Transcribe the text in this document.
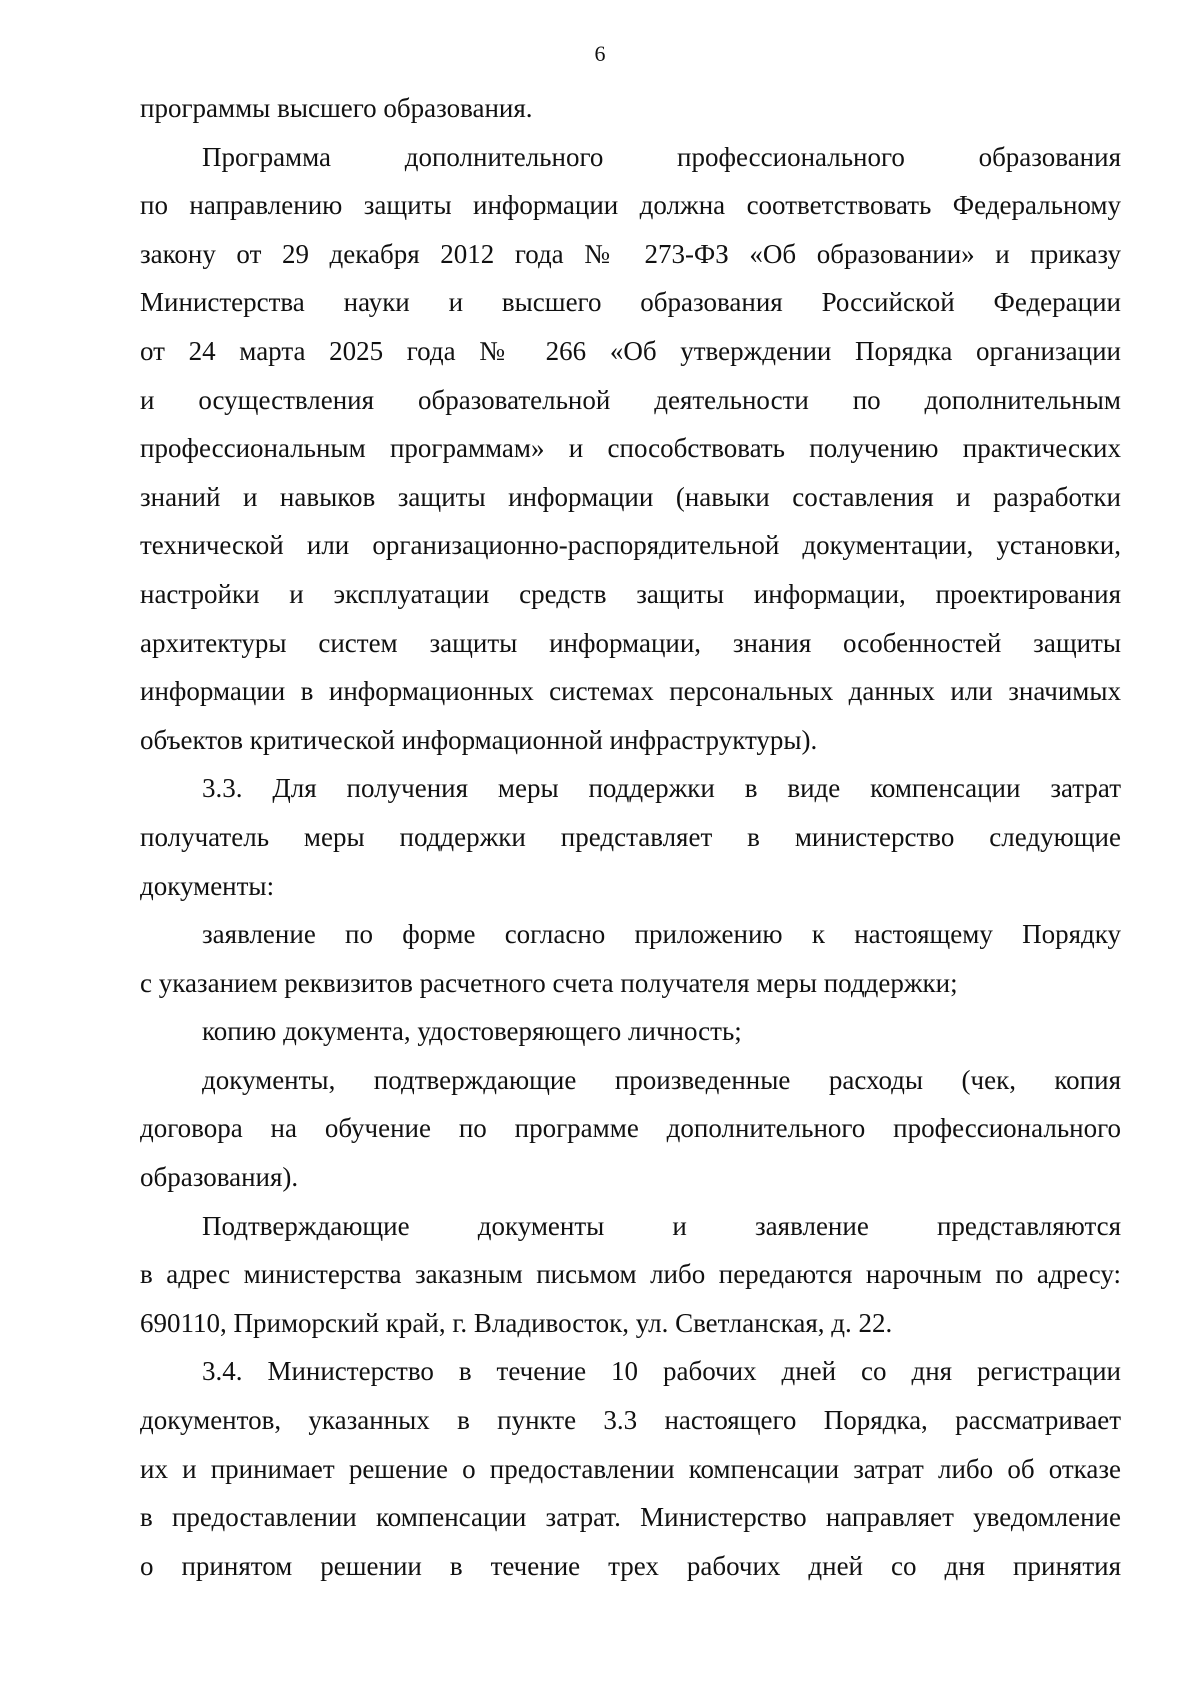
6
программы высшего образования.
Программа дополнительного профессионального образования
по направлению защиты информации должна соответствовать Федеральному
закону от 29 декабря 2012 года № 273-ФЗ «Об образовании» и приказу
Министерства науки и высшего образования Российской Федерации
от 24 марта 2025 года № 266 «Об утверждении Порядка организации
и осуществления образовательной деятельности по дополнительным
профессиональным программам» и способствовать получению практических
знаний и навыков защиты информации (навыки составления и разработки
технической или организационно-распорядительной документации, установки,
настройки и эксплуатации средств защиты информации, проектирования
архитектуры систем защиты информации, знания особенностей защиты
информации в информационных системах персональных данных или значимых
объектов критической информационной инфраструктуры).
3.3. Для получения меры поддержки в виде компенсации затрат
получатель меры поддержки представляет в министерство следующие
документы:
заявление по форме согласно приложению к настоящему Порядку
с указанием реквизитов расчетного счета получателя меры поддержки;
копию документа, удостоверяющего личность;
документы, подтверждающие произведенные расходы (чек, копия
договора на обучение по программе дополнительного профессионального
образования).
Подтверждающие документы и заявление представляются
в адрес министерства заказным письмом либо передаются нарочным по адресу:
690110, Приморский край, г. Владивосток, ул. Светланская, д. 22.
3.4. Министерство в течение 10 рабочих дней со дня регистрации
документов, указанных в пункте 3.3 настоящего Порядка, рассматривает
их и принимает решение о предоставлении компенсации затрат либо об отказе
в предоставлении компенсации затрат. Министерство направляет уведомление
о принятом решении в течение трех рабочих дней со дня принятия
